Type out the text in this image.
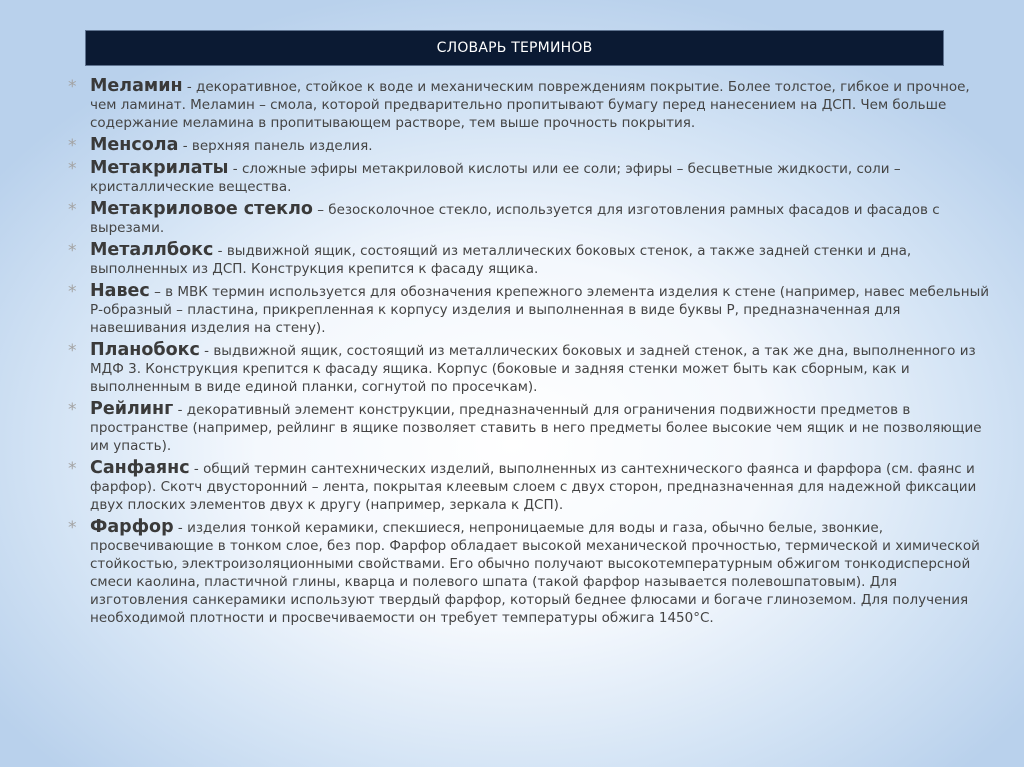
СЛОВАРЬ ТЕРМИНОВ
* Меламин - декоративное, стойкое к воде и механическим повреждениям покрытие. Более толстое, гибкое и прочное, чем ламинат. Меламин – смола, которой предварительно пропитывают бумагу перед нанесением на ДСП. Чем больше содержание меламина в пропитывающем растворе, тем выше прочность покрытия.
* Менсола - верхняя панель изделия.
* Метакрилаты - сложные эфиры метакриловой кислоты или ее соли; эфиры – бесцветные жидкости, соли – кристаллические вещества.
* Метакриловое стекло – безосколочное стекло, используется для изготовления рамных фасадов и фасадов с вырезами.
* Металлбокс - выдвижной ящик, состоящий из металлических боковых стенок, а также задней стенки и дна, выполненных из ДСП. Конструкция крепится к фасаду ящика.
* Навес – в МВК термин используется для обозначения крепежного элемента изделия к стене (например, навес мебельный Р-образный – пластина, прикрепленная к корпусу изделия и выполненная в виде буквы Р, предназначенная для навешивания изделия на стену).
* Планобокс - выдвижной ящик, состоящий из металлических боковых и задней стенок, а так же дна, выполненного из МДФ 3. Конструкция крепится к фасаду ящика. Корпус (боковые и задняя стенки может быть как сборным, как и выполненным в виде единой планки, согнутой по просечкам).
* Рейлинг - декоративный элемент конструкции, предназначенный для ограничения подвижности предметов в пространстве (например, рейлинг в ящике позволяет ставить в него предметы более высокие чем ящик и не позволяющие им упасть).
* Санфаянс - общий термин сантехнических изделий, выполненных из сантехнического фаянса и фарфора (см. фаянс и фарфор). Скотч двусторонний – лента, покрытая клеевым слоем с двух сторон, предназначенная для надежной фиксации двух плоских элементов двух к другу (например, зеркала к ДСП).
* Фарфор - изделия тонкой керамики, спекшиеся, непроницаемые для воды и газа, обычно белые, звонкие, просвечивающие в тонком слое, без пор. Фарфор обладает высокой механической прочностью, термической и химической стойкостью, электроизоляционными свойствами. Его обычно получают высокотемпературным обжигом тонкодисперсной смеси каолина, пластичной глины, кварца и полевого шпата (такой фарфор называется полевошпатовым). Для изготовления санкерамики используют твердый фарфор, который беднее флюсами и богаче глиноземом. Для получения необходимой плотности и просвечиваемости он требует температуры обжига 1450°С.
